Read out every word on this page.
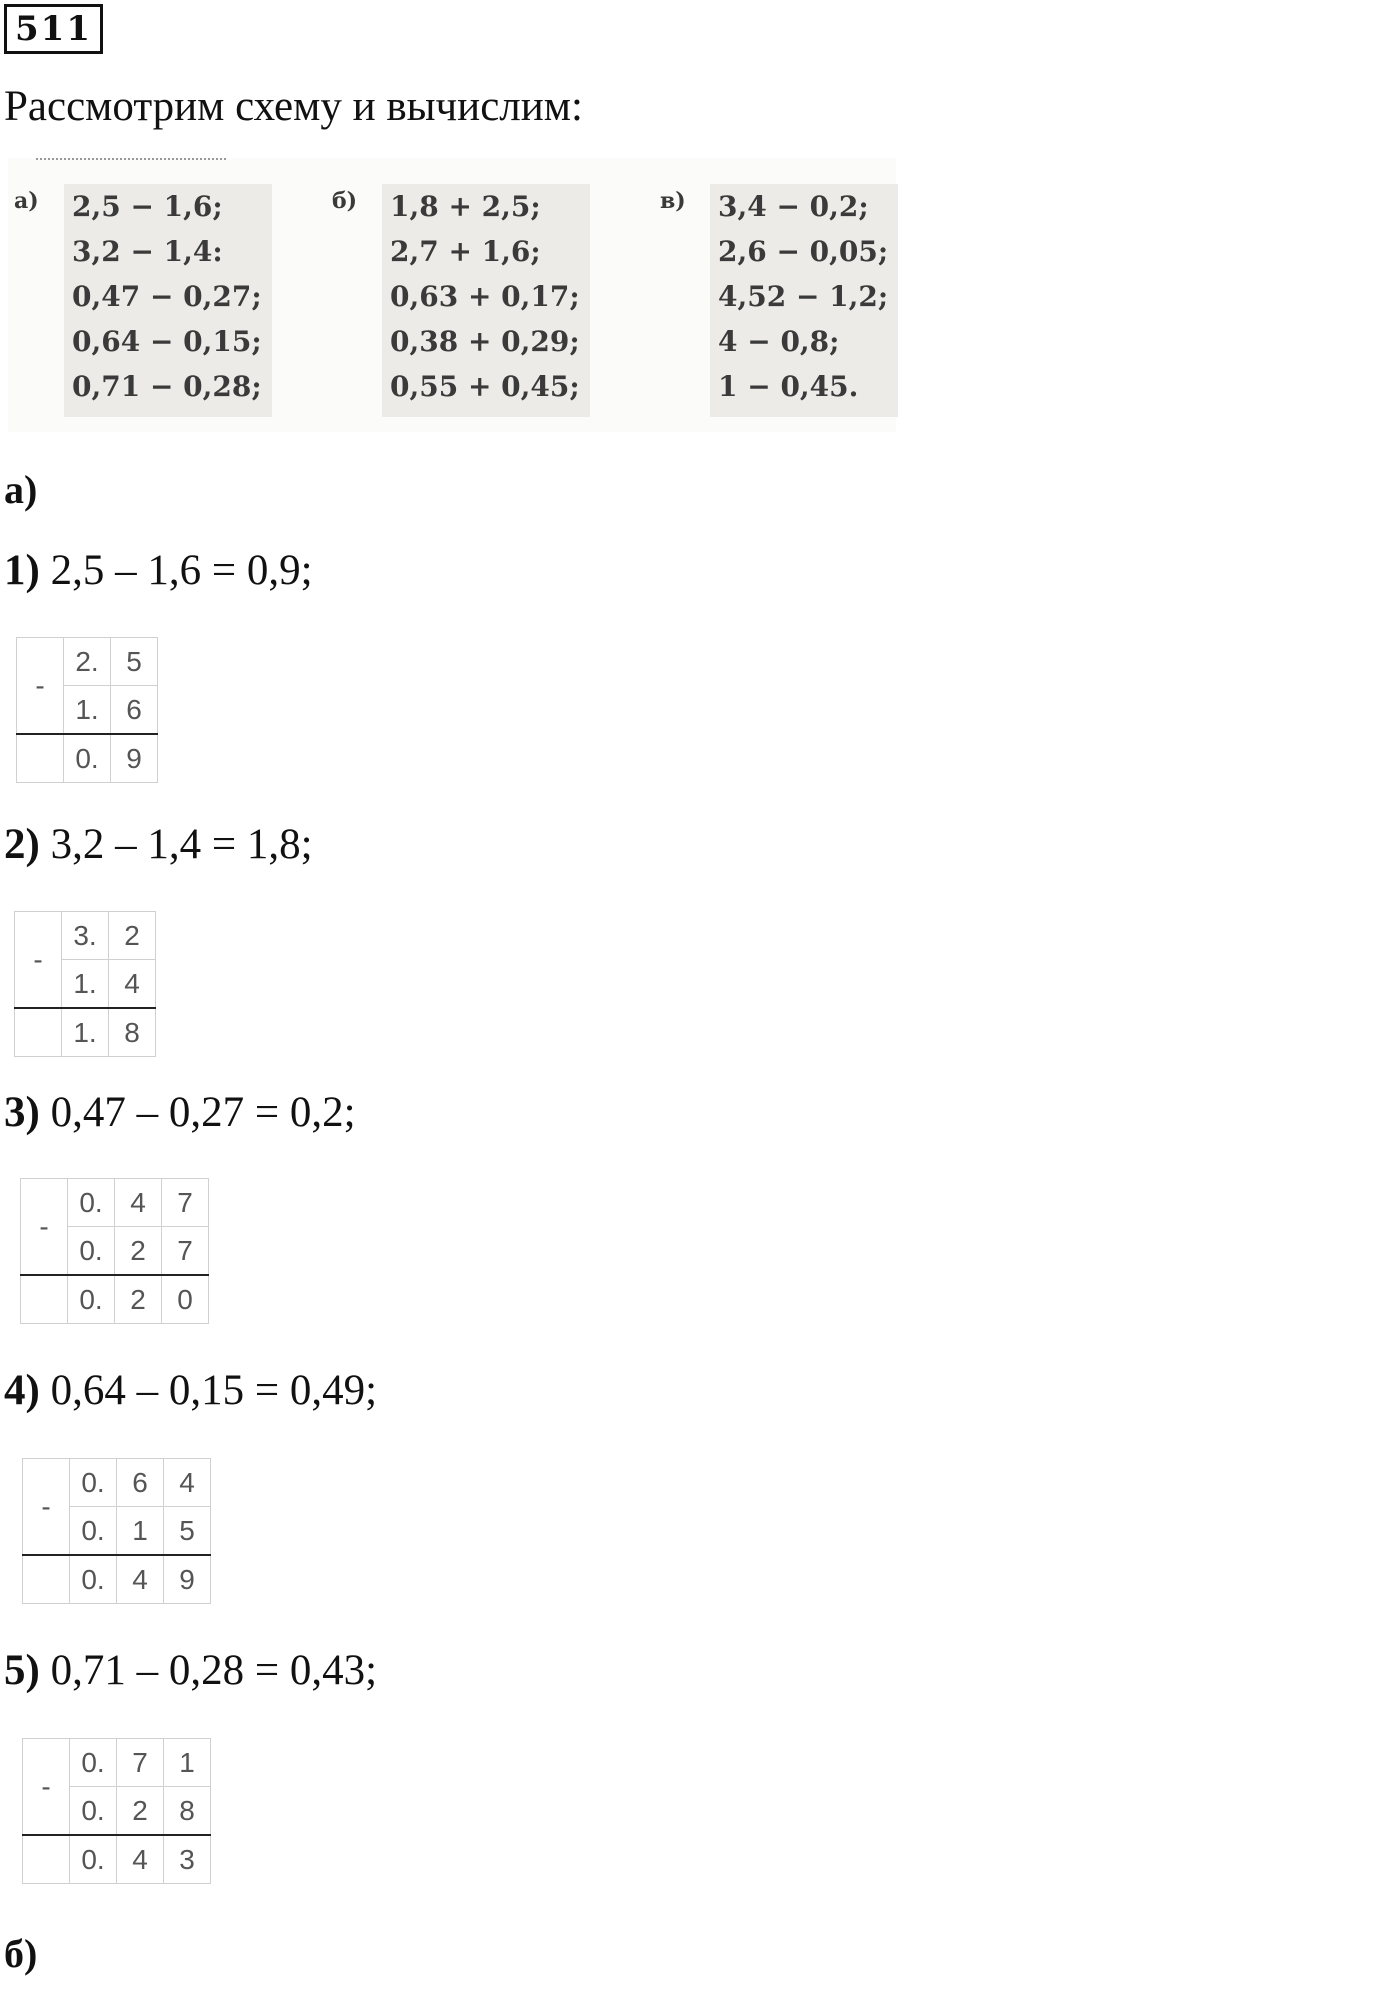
511
Рассмотрим схему и вычислим:
а) 2,5 − 1,6;
3,2 − 1,4:
0,47 − 0,27;
0,64 − 0,15;
0,71 − 0,28;
б) 1,8 + 2,5;
2,7 + 1,6;
0,63 + 0,17;
0,38 + 0,29;
0,55 + 0,45;
в) 3,4 − 0,2;
2,6 − 0,05;
4,52 − 1,2;
4 − 0,8;
1 − 0,45.
а)
1) 2,5 – 1,6 = 0,9;
-	2.	5
	1.	6
	0.	9
2) 3,2 – 1,4 = 1,8;
-	3.	2
	1.	4
	1.	8
3) 0,47 – 0,27 = 0,2;
-	0.	4	7
	0.	2	7
	0.	2	0
4) 0,64 – 0,15 = 0,49;
-	0.	6	4
	0.	1	5
	0.	4	9
5) 0,71 – 0,28 = 0,43;
-	0.	7	1
	0.	2	8
	0.	4	3
б)
